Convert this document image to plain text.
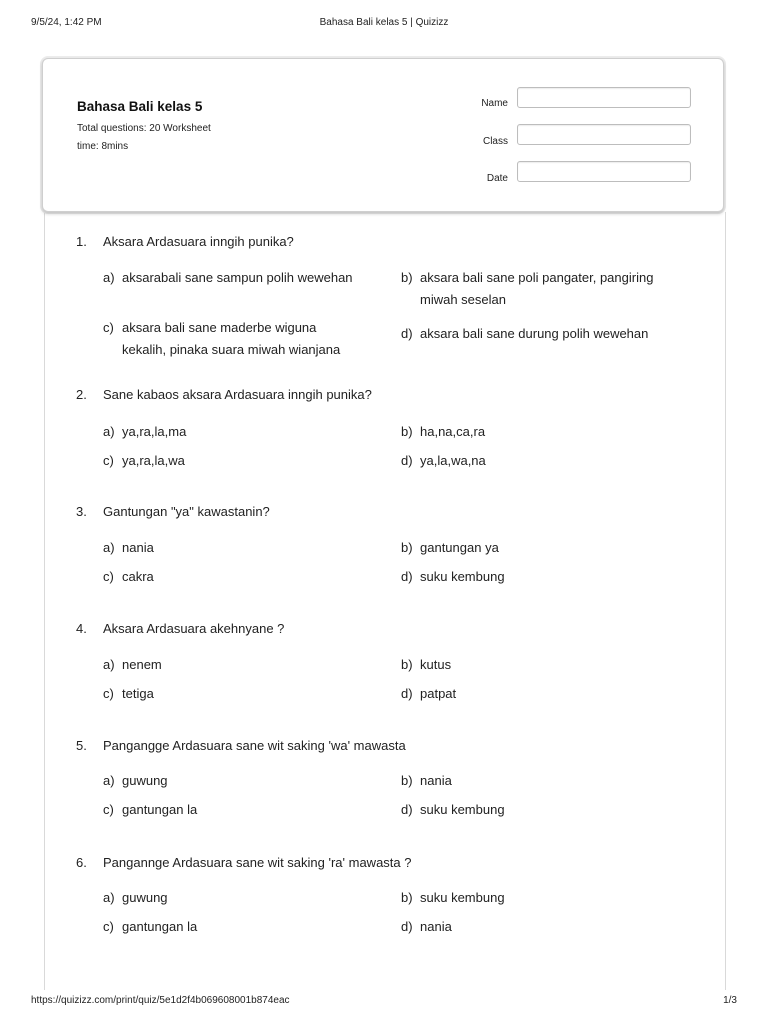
9/5/24, 1:42 PM	Bahasa Bali kelas 5 | Quizizz
Bahasa Bali kelas 5
Total questions: 20 Worksheet
time: 8mins
Name
Class
Date
1. Aksara Ardasuara inngih punika?
a) aksarabali sane sampun polih wewehan	b) aksara bali sane poli pangater, pangiring
miwah seselan
c) aksara bali sane maderbe wiguna
kekalih, pinaka suara miwah wianjana
d) aksara bali sane durung polih wewehan
2. Sane kabaos aksara Ardasuara inngih punika?
a) ya,ra,la,ma	b) ha,na,ca,ra
c) ya,ra,la,wa	d) ya,la,wa,na
3. Gantungan "ya" kawastanin?
a) nania	b) gantungan ya
c) cakra	d) suku kembung
4. Aksara Ardasuara akehnyane ?
a) nenem	b) kutus
c) tetiga	d) patpat
5. Pangangge Ardasuara sane wit saking 'wa' mawasta
a) guwung	b) nania
c) gantungan la	d) suku kembung
6. Pangannge Ardasuara sane wit saking 'ra' mawasta ?
a) guwung	b) suku kembung
c) gantungan la	d) nania
https://quizizz.com/print/quiz/5e1d2f4b069608001b874eac	1/3
